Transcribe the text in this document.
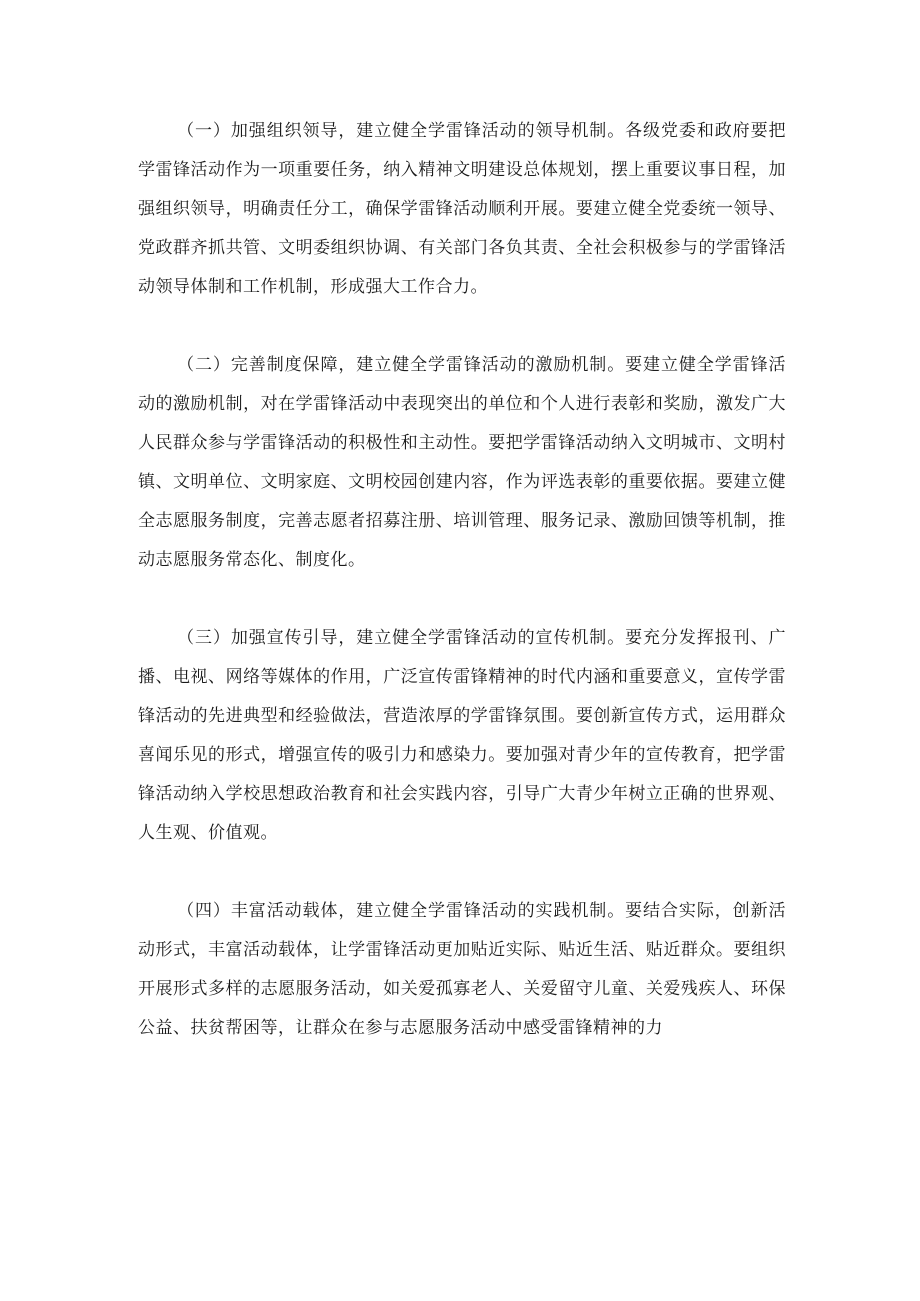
（一）加强组织领导，建立健全学雷锋活动的领导机制。各级党委和政府要把学雷锋活动作为一项重要任务，纳入精神文明建设总体规划，摆上重要议事日程，加强组织领导，明确责任分工，确保学雷锋活动顺利开展。要建立健全党委统一领导、党政群齐抓共管、文明委组织协调、有关部门各负其责、全社会积极参与的学雷锋活动领导体制和工作机制，形成强大工作合力。

（二）完善制度保障，建立健全学雷锋活动的激励机制。要建立健全学雷锋活动的激励机制，对在学雷锋活动中表现突出的单位和个人进行表彰和奖励，激发广大人民群众参与学雷锋活动的积极性和主动性。要把学雷锋活动纳入文明城市、文明村镇、文明单位、文明家庭、文明校园创建内容，作为评选表彰的重要依据。要建立健全志愿服务制度，完善志愿者招募注册、培训管理、服务记录、激励回馈等机制，推动志愿服务常态化、制度化。

（三）加强宣传引导，建立健全学雷锋活动的宣传机制。要充分发挥报刊、广播、电视、网络等媒体的作用，广泛宣传雷锋精神的时代内涵和重要意义，宣传学雷锋活动的先进典型和经验做法，营造浓厚的学雷锋氛围。要创新宣传方式，运用群众喜闻乐见的形式，增强宣传的吸引力和感染力。要加强对青少年的宣传教育，把学雷锋活动纳入学校思想政治教育和社会实践内容，引导广大青少年树立正确的世界观、人生观、价值观。

（四）丰富活动载体，建立健全学雷锋活动的实践机制。要结合实际，创新活动形式，丰富活动载体，让学雷锋活动更加贴近实际、贴近生活、贴近群众。要组织开展形式多样的志愿服务活动，如关爱孤寡老人、关爱留守儿童、关爱残疾人、环保公益、扶贫帮困等，让群众在参与志愿服务活动中感受雷锋精神的力
